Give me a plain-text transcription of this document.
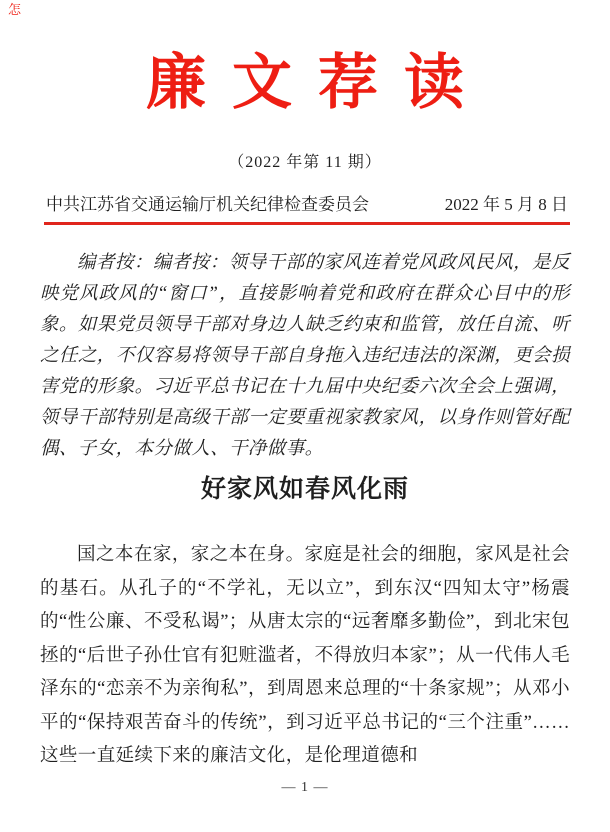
怎
廉文荐读
（2022 年第 11 期）
中共江苏省交通运输厅机关纪律检查委员会	2022 年 5 月 8 日
编者按：编者按：领导干部的家风连着党风政风民风，是反映党风政风的“窗口”，直接影响着党和政府在群众心目中的形象。如果党员领导干部对身边人缺乏约束和监管，放任自流、听之任之，不仅容易将领导干部自身拖入违纪违法的深渊，更会损害党的形象。习近平总书记在十九届中央纪委六次全会上强调，领导干部特别是高级干部一定要重视家教家风，以身作则管好配偶、子女，本分做人、干净做事。
好家风如春风化雨
国之本在家，家之本在身。家庭是社会的细胞，家风是社会的基石。从孔子的“不学礼，无以立”，到东汉“四知太守”杨震的“性公廉、不受私谒”；从唐太宗的“远奢靡多勤俭”，到北宋包拯的“后世子孙仕官有犯赃滥者，不得放归本家”；从一代伟人毛泽东的“恋亲不为亲徇私”，到周恩来总理的“十条家规”；从邓小平的“保持艰苦奋斗的传统”，到习近平总书记的“三个注重”……这些一直延续下来的廉洁文化，是伦理道德和
— 1 —
